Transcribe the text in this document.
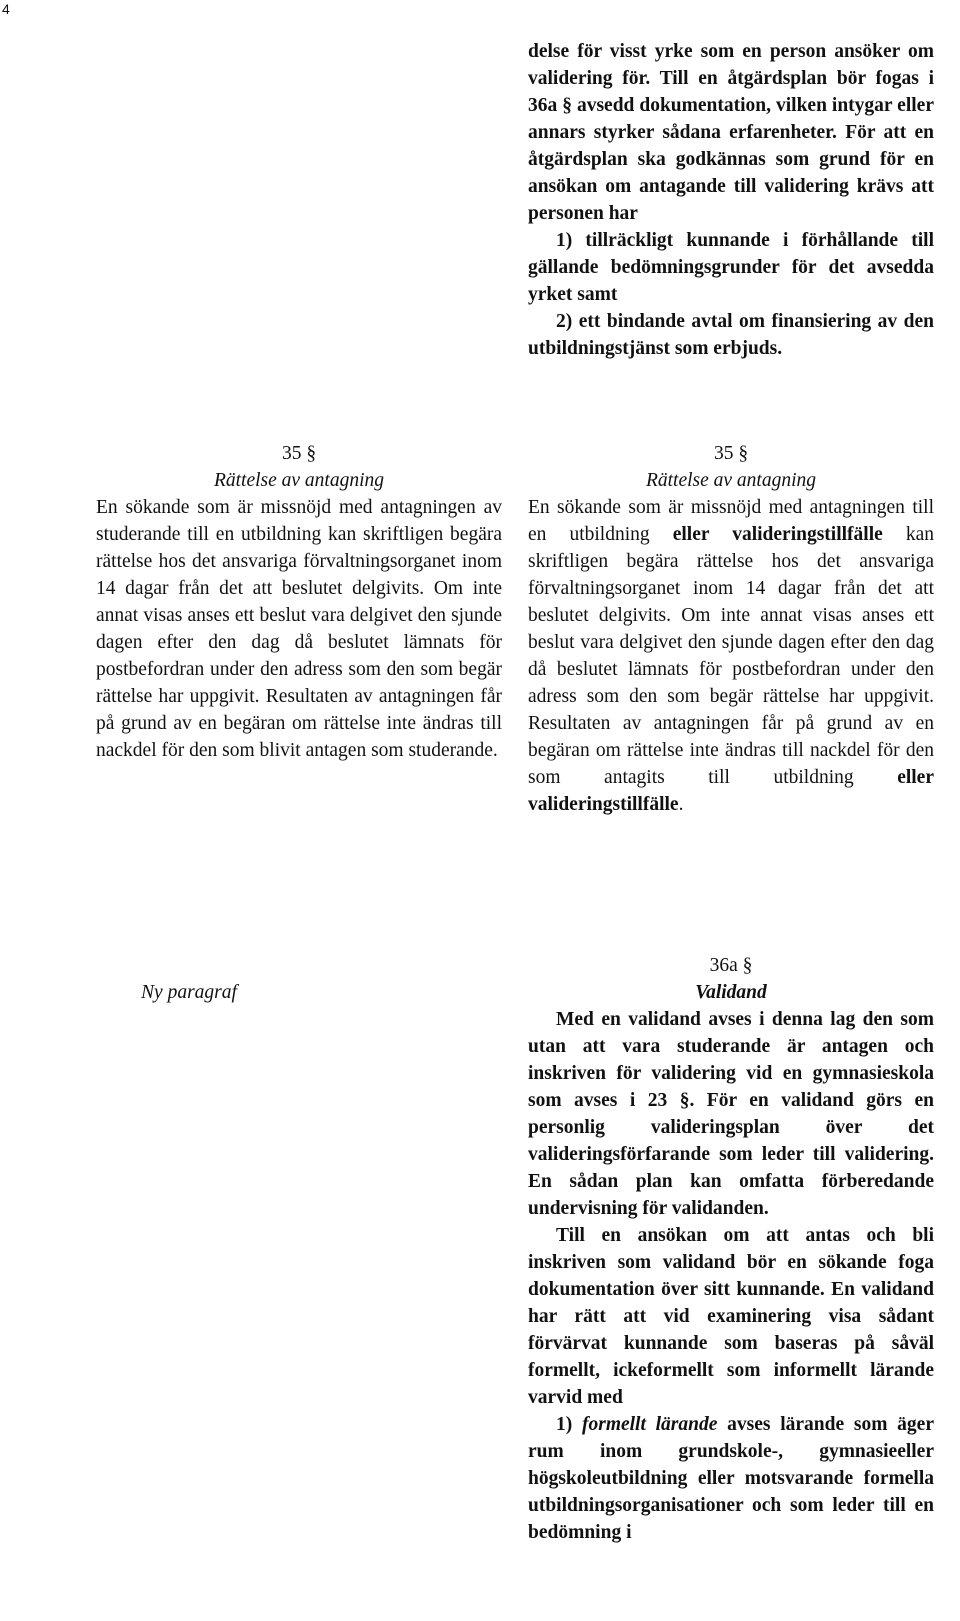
4

delse för visst yrke som en person ansöker om validering för. Till en åtgärdsplan bör fogas i 36a § avsedd dokumentation, vilken intygar eller annars styrker sådana erfarenheter. För att en åtgärdsplan ska godkännas som grund för en ansökan om antagande till validering krävs att personen har

1) tillräckligt kunnande i förhållande till gällande bedömningsgrunder för det avsedda yrket samt

2) ett bindande avtal om finansiering av den utbildningstjänst som erbjuds.

35 §
Rättelse av antagning

En sökande som är missnöjd med antagningen av studerande till en utbildning kan skriftligen begära rättelse hos det ansvariga förvaltningsorganet inom 14 dagar från det att beslutet delgivits. Om inte annat visas anses ett beslut vara delgivet den sjunde dagen efter den dag då beslutet lämnats för postbefordran under den adress som den som begär rättelse har uppgivit. Resultaten av antagningen får på grund av en begäran om rättelse inte ändras till nackdel för den som blivit antagen som studerande.

35 §
Rättelse av antagning

En sökande som är missnöjd med antagningen till en utbildning eller valideringstillfälle kan skriftligen begära rättelse hos det ansvariga förvaltningsorganet inom 14 dagar från det att beslutet delgivits. Om inte annat visas anses ett beslut vara delgivet den sjunde dagen efter den dag då beslutet lämnats för postbefordran under den adress som den som begär rättelse har uppgivit. Resultaten av antagningen får på grund av en begäran om rättelse inte ändras till nackdel för den som antagits till utbildning eller valideringstillfälle.

Ny paragraf
36a §
Validand

Med en validand avses i denna lag den som utan att vara studerande är antagen och inskriven för validering vid en gymnasieskola som avses i 23 §. För en validand görs en personlig valideringsplan över det valideringsförfarande som leder till validering. En sådan plan kan omfatta förberedande undervisning för validanden.

Till en ansökan om att antas och bli inskriven som validand bör en sökande foga dokumentation över sitt kunnande. En validand har rätt att vid examinering visa sådant förvärvat kunnande som baseras på såväl formellt, ickeformellt som informellt lärande varvid med

1) formellt lärande avses lärande som äger rum inom grundskole-, gymnasieeller högskoleutbildning eller motsvarande formella utbildningsorganisationer och som leder till en bedömning i
